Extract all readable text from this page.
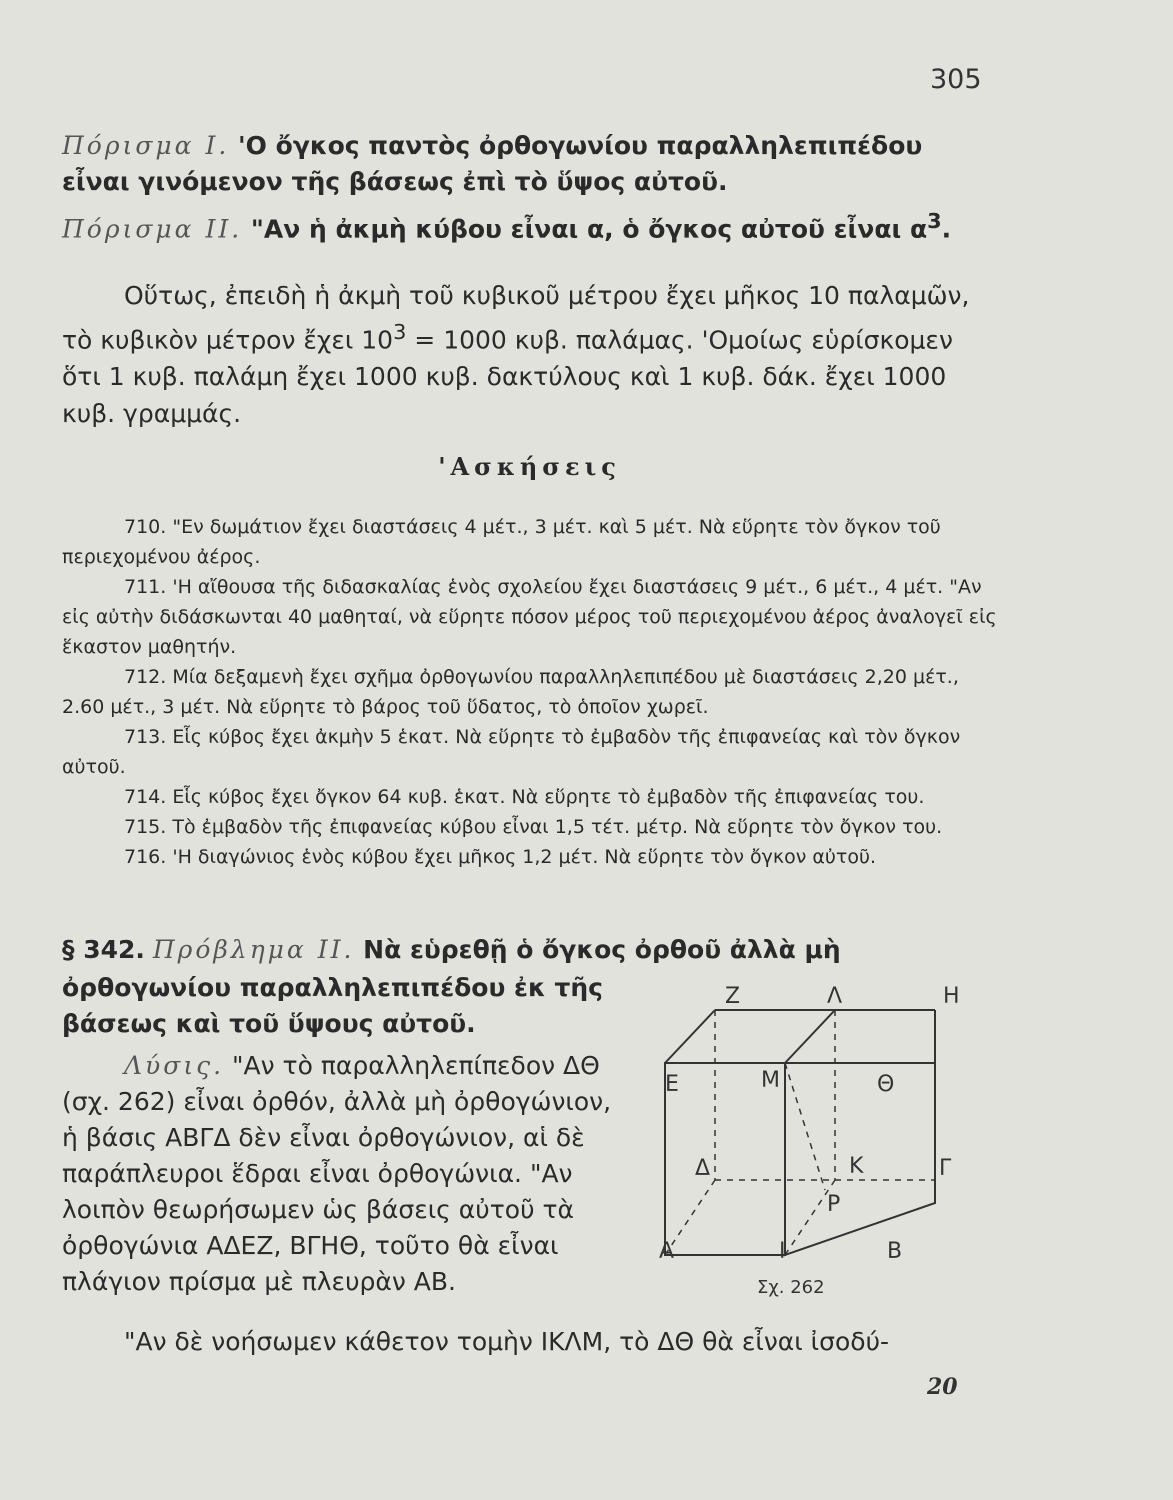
305
Πόρισμα Ι. 'Ο ὄγκος παντὸς ὀρθογωνίου παραλληλεπιπέδου εἶναι γινόμενον τῆς βάσεως ἐπὶ τὸ ὕψος αὐτοῦ.
Πόρισμα ΙΙ. "Αν ἡ ἀκμὴ κύβου εἶναι α, ὁ ὄγκος αὐτοῦ εἶναι $\alpha^3$.
Οὕτως, ἐπειδὴ ἡ ἀκμὴ τοῦ κυβικοῦ μέτρου ἔχει μῆκος 10 παλαμῶν, τὸ κυβικὸν μέτρον ἔχει $10^3 = 1000$ κυβ. παλάμας. 'Ομοίως εὑρίσκομεν ὅτι 1 κυβ. παλάμη ἔχει 1000 κυβ. δακτύλους καὶ 1 κυβ. δάκ. ἔχει 1000 κυβ. γραμμάς.
'Ασκήσεις
710. "Εν δωμάτιον ἔχει διαστάσεις 4 μέτ., 3 μέτ. καὶ 5 μέτ. Νὰ εὕρητε τὸν ὄγκον τοῦ περιεχομένου ἀέρος.
711. 'Η αἴθουσα τῆς διδασκαλίας ἑνὸς σχολείου ἔχει διαστάσεις 9 μέτ., 6 μέτ., 4 μέτ. "Αν εἰς αὐτὴν διδάσκωνται 40 μαθηταί, νὰ εὕρητε πόσον μέρος τοῦ περιεχομένου ἀέρος ἀναλογεῖ εἰς ἕκαστον μαθητήν.
712. Μία δεξαμενὴ ἔχει σχῆμα ὀρθογωνίου παραλληλεπιπέδου μὲ διαστάσεις 2,20 μέτ., 2.60 μέτ., 3 μέτ. Νὰ εὕρητε τὸ βάρος τοῦ ὕδατος, τὸ ὁποῖον χωρεῖ.
713. Εἷς κύβος ἔχει ἀκμὴν 5 ἑκατ. Νὰ εὕρητε τὸ ἐμβαδὸν τῆς ἐπιφανείας καὶ τὸν ὄγκον αὐτοῦ.
714. Εἷς κύβος ἔχει ὄγκον 64 κυβ. ἑκατ. Νὰ εὕρητε τὸ ἐμβαδὸν τῆς ἐπιφανείας του.
715. Τὸ ἐμβαδὸν τῆς ἐπιφανείας κύβου εἶναι 1,5 τέτ. μέτρ. Νὰ εὕρητε τὸν ὄγκον του.
716. 'Η διαγώνιος ἑνὸς κύβου ἔχει μῆκος 1,2 μέτ. Νὰ εὕρητε τὸν ὄγκον αὐτοῦ.
§ 342. Πρόβλημα ΙΙ. Νὰ εὑρεθῇ ὁ ὄγκος ὀρθοῦ ἀλλὰ μὴ
ὀρθογωνίου παραλληλεπιπέδου ἐκ τῆς βάσεως καὶ τοῦ ὕψους αὐτοῦ.
Λύσις. "Αν τὸ παραλληλεπίπεδον ΔΘ (σχ. 262) εἶναι ὀρθόν, ἀλλὰ μὴ ὀρθογώνιον, ἡ βάσις ΑΒΓΔ δὲν εἶναι ὀρθογώνιον, αἱ δὲ παράπλευροι ἕδραι εἶναι ὀρθογώνια. "Αν λοιπὸν θεωρήσωμεν ὡς βάσεις αὐτοῦ τὰ ὀρθογώνια ΑΔΕΖ, ΒΓΗΘ, τοῦτο θὰ εἶναι πλάγιον πρίσμα μὲ πλευρὰν ΑΒ.
"Αν δὲ νοήσωμεν κάθετον τομὴν ΙΚΛΜ, τὸ ΔΘ θὰ εἶναι ἰσοδύ-
Z	Λ	Η
Ε	Μ	Θ
Δ	Κ	Γ
Ρ
Α	Ι	Β
Σχ. 262
20
